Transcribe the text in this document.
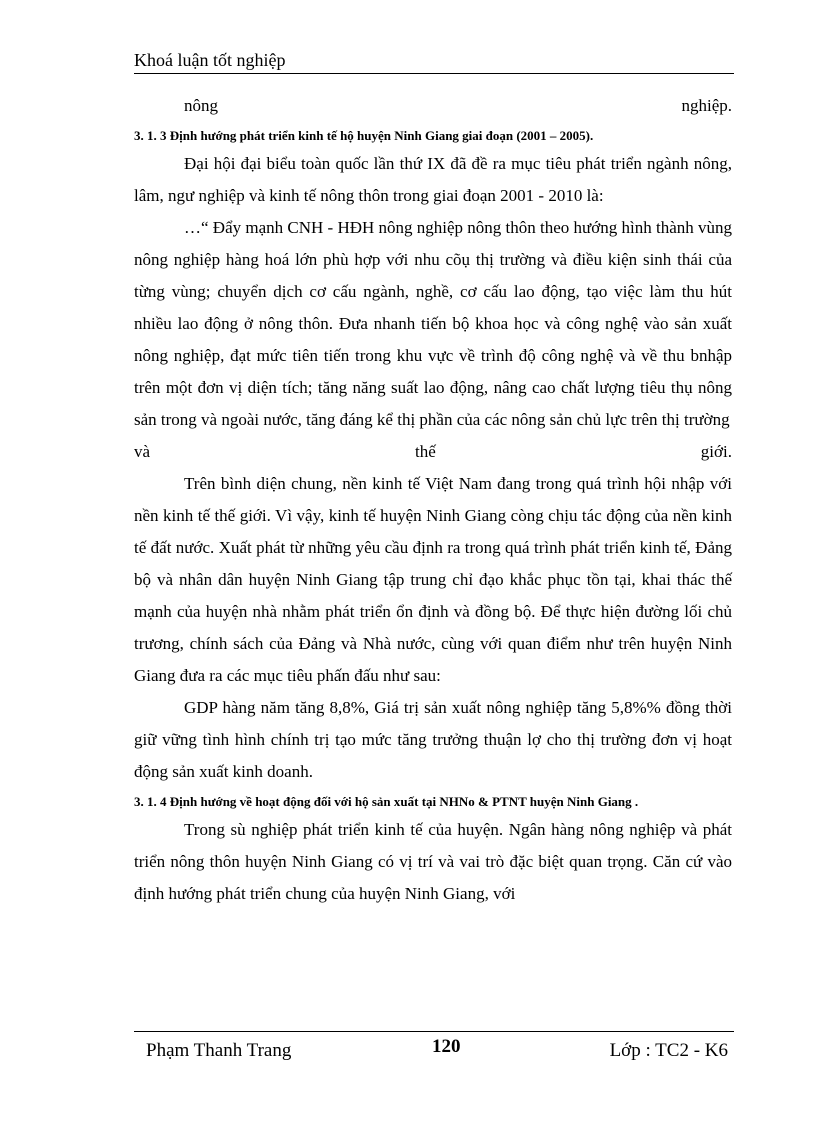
Khoá luận tốt nghiệp

nông	nghiệp.

3. 1. 3 Định hướng phát triển kinh tế hộ huyện Ninh Giang giai đoạn (2001 – 2005).

Đại hội đại biểu toàn quốc lần thứ IX đã đề ra mục tiêu phát triển ngành nông, lâm, ngư nghiệp và kinh tế nông thôn trong giai đoạn 2001 - 2010 là:

…“ Đẩy mạnh CNH - HĐH nông nghiệp nông thôn theo hướng hình thành vùng nông nghiệp hàng hoá lớn phù hợp với nhu cõụ thị trường và điều kiện sinh thái của từng vùng; chuyển dịch cơ cấu ngành, nghề, cơ cấu lao động, tạo việc làm thu hút nhiều lao động ở nông thôn. Đưa nhanh tiến bộ khoa học và công nghệ vào sản xuất nông nghiệp, đạt mức tiên tiến trong khu vực về trình độ công nghệ và về thu bnhập trên một đơn vị diện tích; tăng năng suất lao động, nâng cao chất lượng tiêu thụ nông sản trong và ngoài nước, tăng đáng kể thị phần của các nông sản chủ lực trên thị trường

và	thế	giới.

Trên bình diện chung, nền kinh tế Việt Nam đang trong quá trình hội nhập với nền kinh tế thế giới. Vì vậy, kinh tế huyện Ninh Giang còng chịu tác động của nền kinh tế đất nước. Xuất phát từ những yêu cầu định ra trong quá trình phát triển kinh tế, Đảng bộ và nhân dân huyện Ninh Giang tập trung chỉ đạo khắc phục tồn tại, khai thác thế mạnh của huyện nhà nhằm phát triển ổn định và đồng bộ. Để thực hiện đường lối chủ trương, chính sách của Đảng và Nhà nước, cùng với quan điểm như trên huyện Ninh Giang đưa ra các mục tiêu phấn đấu như sau:

GDP hàng năm tăng 8,8%, Giá trị sản xuất nông nghiệp tăng 5,8%% đồng thời giữ vững tình hình chính trị tạo mức tăng trưởng thuận lợ cho thị trường đơn vị hoạt động sản xuất kinh doanh.

3. 1. 4 Định hướng về hoạt động đối với hộ sản xuất tại NHNo & PTNT huyện Ninh Giang .

Trong sù nghiệp phát triển kinh tế của huyện. Ngân hàng nông nghiệp và phát triển nông thôn huyện Ninh Giang có vị trí và vai trò đặc biệt quan trọng. Căn cứ vào định hướng phát triển chung của huyện Ninh Giang, với

Phạm Thanh Trang	120	Lớp : TC2 - K6
